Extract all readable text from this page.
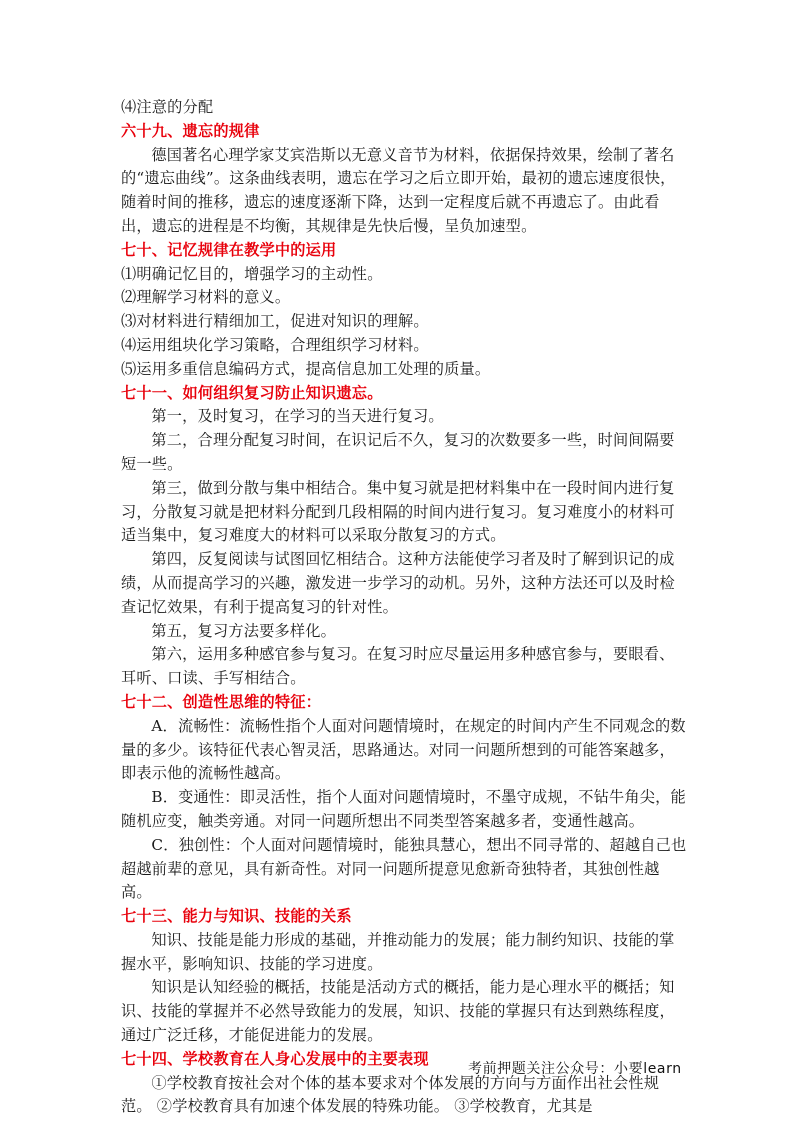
⑷注意的分配

六十九、遗忘的规律

德国著名心理学家艾宾浩斯以无意义音节为材料，依据保持效果，绘制了著名的“遗忘曲线”。这条曲线表明，遗忘在学习之后立即开始，最初的遗忘速度很快，随着时间的推移，遗忘的速度逐渐下降，达到一定程度后就不再遗忘了。由此看出，遗忘的进程是不均衡，其规律是先快后慢，呈负加速型。

七十、记忆规律在教学中的运用

⑴明确记忆目的，增强学习的主动性。

⑵理解学习材料的意义。

⑶对材料进行精细加工，促进对知识的理解。

⑷运用组块化学习策略，合理组织学习材料。

⑸运用多重信息编码方式，提高信息加工处理的质量。

七十一、如何组织复习防止知识遗忘。

第一，及时复习，在学习的当天进行复习。

第二，合理分配复习时间，在识记后不久，复习的次数要多一些，时间间隔要短一些。

第三，做到分散与集中相结合。集中复习就是把材料集中在一段时间内进行复习，分散复习就是把材料分配到几段相隔的时间内进行复习。复习难度小的材料可适当集中，复习难度大的材料可以采取分散复习的方式。

第四，反复阅读与试图回忆相结合。这种方法能使学习者及时了解到识记的成绩，从而提高学习的兴趣，激发进一步学习的动机。另外，这种方法还可以及时检查记忆效果，有利于提高复习的针对性。

第五，复习方法要多样化。

第六，运用多种感官参与复习。在复习时应尽量运用多种感官参与，要眼看、耳听、口读、手写相结合。

七十二、创造性思维的特征：

A．流畅性：流畅性指个人面对问题情境时，在规定的时间内产生不同观念的数量的多少。该特征代表心智灵活，思路通达。对同一问题所想到的可能答案越多，即表示他的流畅性越高。

B．变通性：即灵活性，指个人面对问题情境时，不墨守成规，不钻牛角尖，能随机应变，触类旁通。对同一问题所想出不同类型答案越多者，变通性越高。

C．独创性：个人面对问题情境时，能独具慧心，想出不同寻常的、超越自己也超越前辈的意见，具有新奇性。对同一问题所提意见愈新奇独特者，其独创性越高。

七十三、能力与知识、技能的关系

知识、技能是能力形成的基础，并推动能力的发展；能力制约知识、技能的掌握水平，影响知识、技能的学习进度。

知识是认知经验的概括，技能是活动方式的概括，能力是心理水平的概括；知识、技能的掌握并不必然导致能力的发展，知识、技能的掌握只有达到熟练程度，通过广泛迁移，才能促进能力的发展。

七十四、学校教育在人身心发展中的主要表现

①学校教育按社会对个体的基本要求对个体发展的方向与方面作出社会性规范。 ②学校教育具有加速个体发展的特殊功能。 ③学校教育，尤其是

考前押题关注公众号：小要learn
